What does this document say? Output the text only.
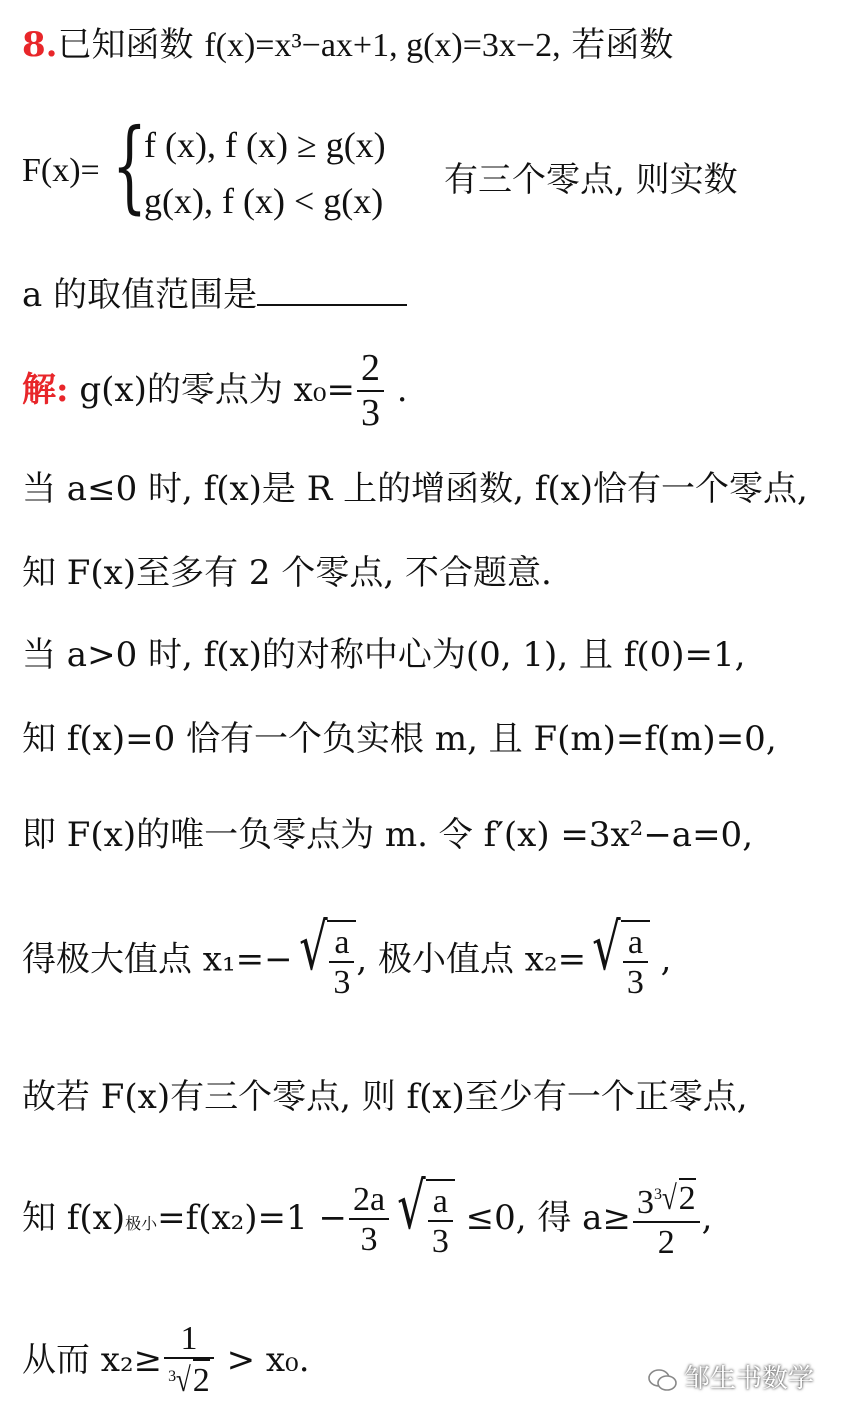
8.已知函数 f(x)=x³−ax+1, g(x)=3x−2, 若函数
F(x)= {
f (x), f (x) ≥ g(x)
g(x), f (x) < g(x)
有三个零点, 则实数
a 的取值范围是
解: g(x)的零点为 $x_0= \frac{2}{3}$ .
当 a≤0 时, f(x)是 R 上的增函数, f(x)恰有一个零点,
知 F(x)至多有 2 个零点, 不合题意.
当 a>0 时, f(x)的对称中心为(0, 1), 且 f(0)=1,
知 f(x)=0 恰有一个负实根 m, 且 F(m)=f(m)=0,
即 F(x)的唯一负零点为 m. 令 f′(x) =3x²−a=0,
得极大值点 x₁=− √ $\frac{a}{3}$ , 极小值点 x₂= √ $\frac{a}{3}$ ,
故若 F(x)有三个零点, 则 f(x)至少有一个正零点,
知 f(x)极小$=f(x_2)=1 - \frac{2a}{3}$ √ $\frac{a}{3} \le 0$, 得 $a\ge \frac{3 3 √ 2}{2}$ ,
从而 $x_2\ge \frac{1}{3 √ 2} > x_0$.	邹生书数学
